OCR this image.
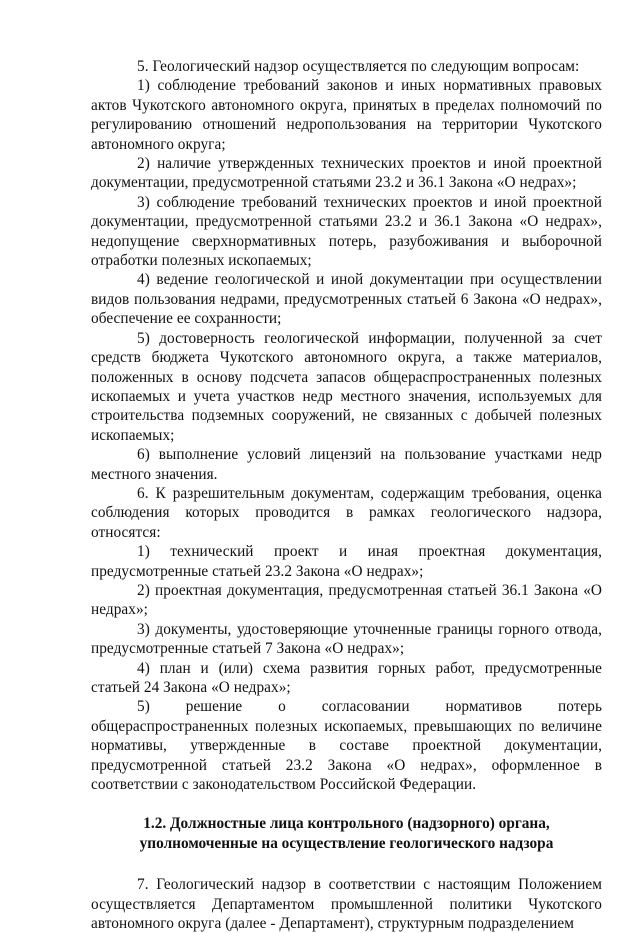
5. Геологический надзор осуществляется по следующим вопросам:

1) соблюдение требований законов и иных нормативных правовых актов Чукотского автономного округа, принятых в пределах полномочий по регулированию отношений недропользования на территории Чукотского автономного округа;

2) наличие утвержденных технических проектов и иной проектной документации, предусмотренной статьями 23.2 и 36.1 Закона «О недрах»;

3) соблюдение требований технических проектов и иной проектной документации, предусмотренной статьями 23.2 и 36.1 Закона «О недрах», недопущение сверхнормативных потерь, разубоживания и выборочной отработки полезных ископаемых;

4) ведение геологической и иной документации при осуществлении видов пользования недрами, предусмотренных статьей 6 Закона «О недрах», обеспечение ее сохранности;

5) достоверность геологической информации, полученной за счет средств бюджета Чукотского автономного округа, а также материалов, положенных в основу подсчета запасов общераспространенных полезных ископаемых и учета участков недр местного значения, используемых для строительства подземных сооружений, не связанных с добычей полезных ископаемых;

6) выполнение условий лицензий на пользование участками недр местного значения.

6. К разрешительным документам, содержащим требования, оценка соблюдения которых проводится в рамках геологического надзора, относятся:

1) технический проект и иная проектная документация, предусмотренные статьей 23.2 Закона «О недрах»;

2) проектная документация, предусмотренная статьей 36.1 Закона «О недрах»;

3) документы, удостоверяющие уточненные границы горного отвода, предусмотренные статьей 7 Закона «О недрах»;

4) план и (или) схема развития горных работ, предусмотренные статьей 24 Закона «О недрах»;

5) решение о согласовании нормативов потерь общераспространенных полезных ископаемых, превышающих по величине нормативы, утвержденные в составе проектной документации, предусмотренной статьей 23.2 Закона «О недрах», оформленное в соответствии с законодательством Российской Федерации.

1.2. Должностные лица контрольного (надзорного) органа,

уполномоченные на осуществление геологического надзора

7. Геологический надзор в соответствии с настоящим Положением осуществляется Департаментом промышленной политики Чукотского автономного округа (далее - Департамент), структурным подразделением
